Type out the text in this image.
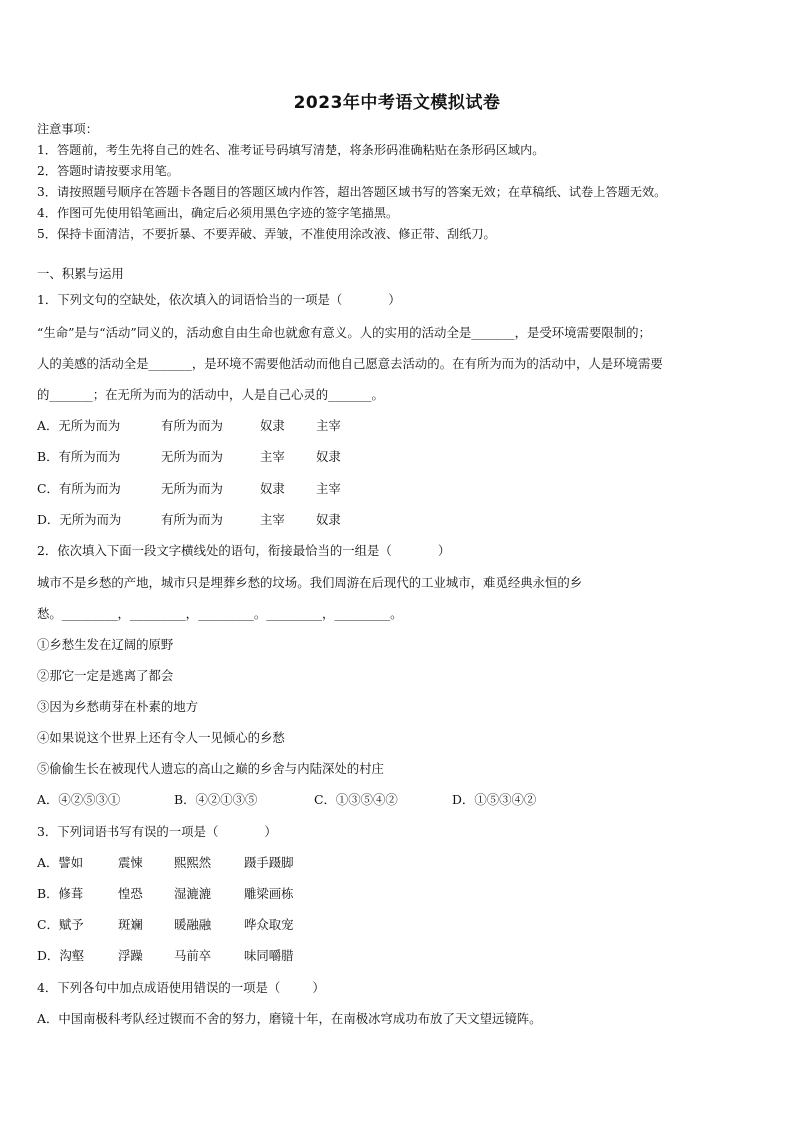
2023年中考语文模拟试卷
注意事项：
1．答题前，考生先将自己的姓名、准考证号码填写清楚，将条形码准确粘贴在条形码区域内。
2．答题时请按要求用笔。
3．请按照题号顺序在答题卡各题目的答题区域内作答，超出答题区域书写的答案无效；在草稿纸、试卷上答题无效。
4．作图可先使用铅笔画出，确定后必须用黑色字迹的签字笔描黑。
5．保持卡面清洁，不要折暴、不要弄破、弄皱，不准使用涂改液、修正带、刮纸刀。
一、积累与运用
1．下列文句的空缺处，依次填入的词语恰当的一项是（	）
“生命”是与“活动”同义的，活动愈自由生命也就愈有意义。人的实用的活动全是_______，是受环境需要限制的；
人的美感的活动全是_______，是环境不需要他活动而他自己愿意去活动的。在有所为而为的活动中，人是环境需要
的_______；在无所为而为的活动中，人是自己心灵的_______。
A．无所为而为	有所为而为	奴隶	主宰
B．有所为而为	无所为而为	主宰	奴隶
C．有所为而为	无所为而为	奴隶	主宰
D．无所为而为	有所为而为	主宰	奴隶
2．依次填入下面一段文字横线处的语句，衔接最恰当的一组是（	）
城市不是乡愁的产地，城市只是埋葬乡愁的坟场。我们周游在后现代的工业城市，难觅经典永恒的乡
愁。_________，_________，_________。_________，_________。
①乡愁生发在辽阔的原野
②那它一定是逃离了都会
③因为乡愁萌芽在朴素的地方
④如果说这个世界上还有令人一见倾心的乡愁
⑤偷偷生长在被现代人遗忘的高山之巅的乡舍与内陆深处的村庄
A．④②⑤③①	B．④②①③⑤	C．①③⑤④②	D．①⑤③④②
3．下列词语书写有误的一项是（	）
A．譬如	震悚	熙熙然	蹑手蹑脚
B．修葺	惶恐	湿漉漉	雕梁画栋
C．赋予	斑斓	暖融融	哗众取宠
D．沟壑	浮躁	马前卒	味同嚼腊
4．下列各句中加点成语使用错误的一项是（	）
A．中国南极科考队经过锲而不舍的努力，磨镜十年，在南极冰穹成功布放了天文望远镜阵。
